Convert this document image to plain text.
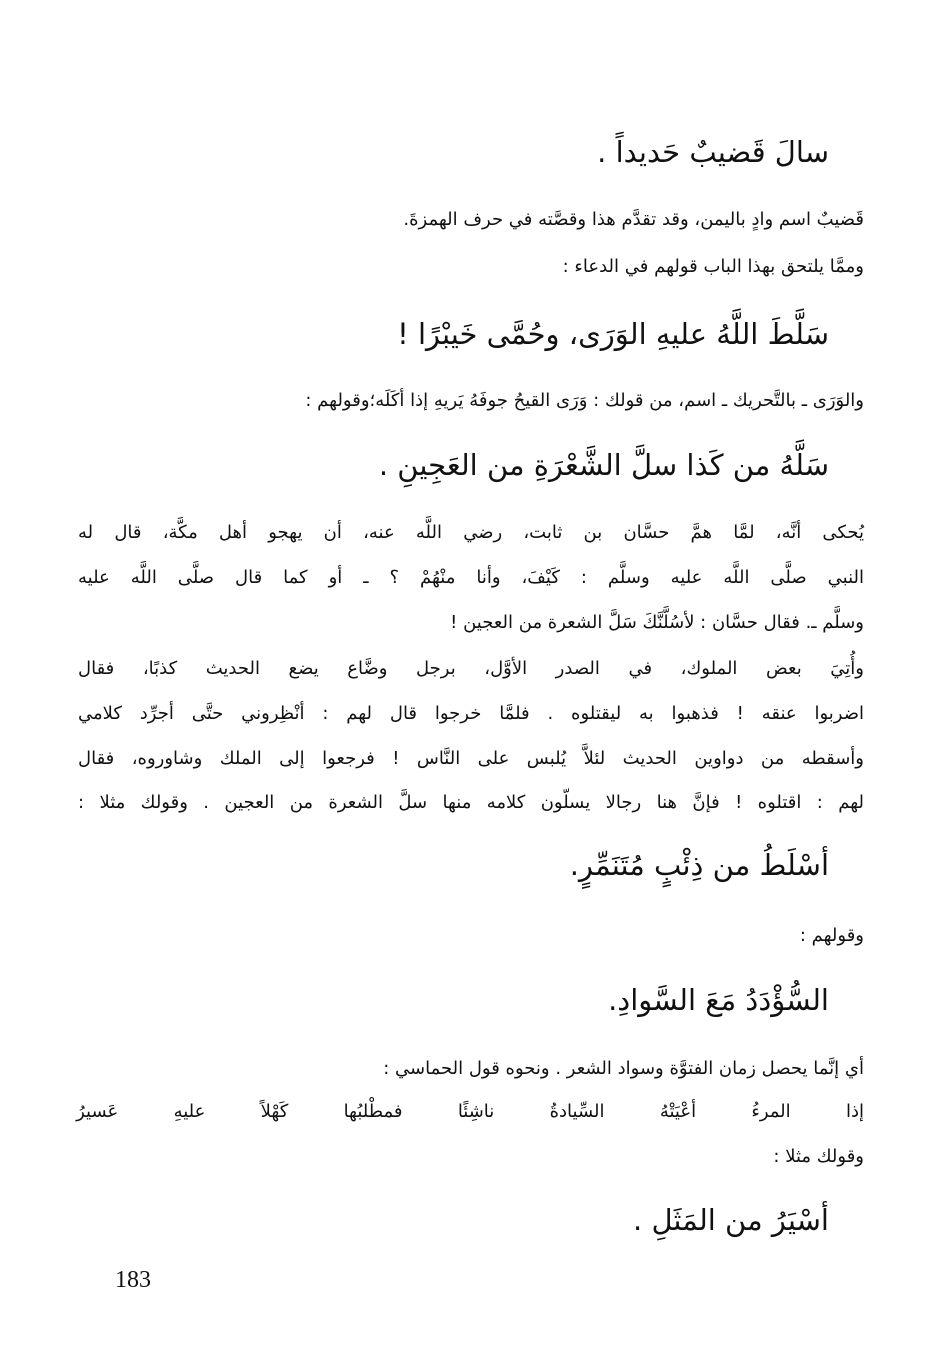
سالَ قَضيبٌ حَديداً .

قَضيبٌ اسم وادٍ باليمن، وقد تقدَّم هذا وقصَّته في حرف الهمزةَ.

وممَّا يلتحق بهذا الباب قولهم في الدعاء :

سَلَّطَ اللَّهُ عليهِ الوَرَى، وحُمَّى خَيبْرًا !

والوَرَى ـ بالتَّحريك ـ اسم، من قولك : وَرَى القيحُ جوفَهُ يَريهِ إذا أكَلَه؛وقولهم :

سَلَّهُ من كَذا سلَّ الشَّعْرَةِ من العَجِينِ .

يُحكى أنَّه، لمَّا همَّ حسَّان بن ثابت، رضي اللَّه عنه، أن يهجو أهل مكَّة، قال له

النبي صلَّى اللَّه عليه وسلَّم : كَيْفَ، وأنا منْهُمْ ؟ ـ أو كما قال صلَّى اللَّه عليه

وسلَّم ـ. فقال حسَّان : لأسُلَّنَّكَ سَلَّ الشعرة من العجين !

وأُتِيَ بعض الملوك، في الصدر الأوَّل، برجل وضَّاع يضع الحديث كذبًا، فقال

اضربوا عنقه ! فذهبوا به ليقتلوه . فلمَّا خرجوا قال لهم : أنْظِروني حتَّى أجرِّد كلامي

وأسقطه من دواوين الحديث لئلاَّ يُلبس على النَّاس ! فرجعوا إلى الملك وشاوروه، فقال

لهم : اقتلوه ! فإنَّ هنا رجالا يسلّون كلامه منها سلَّ الشعرة من العجين . وقولك مثلا :

أسْلَطُ من ذِئْبٍ مُتَنَمِّرٍ.

وقولهم :

السُّؤْدَدُ مَعَ السَّوادِ.

أي إنَّما يحصل زمان الفتوَّة وسواد الشعر . ونحوه قول الحماسي :

إذا
المرءُ
أعْيَتْهُ
السِّيادةُ
ناشِئًا
فمطْلبُها
كَهْلاً
عليهِ
عَسيرُ

وقولك مثلا :

أسْيَرُ من المَثَلِ .

183
